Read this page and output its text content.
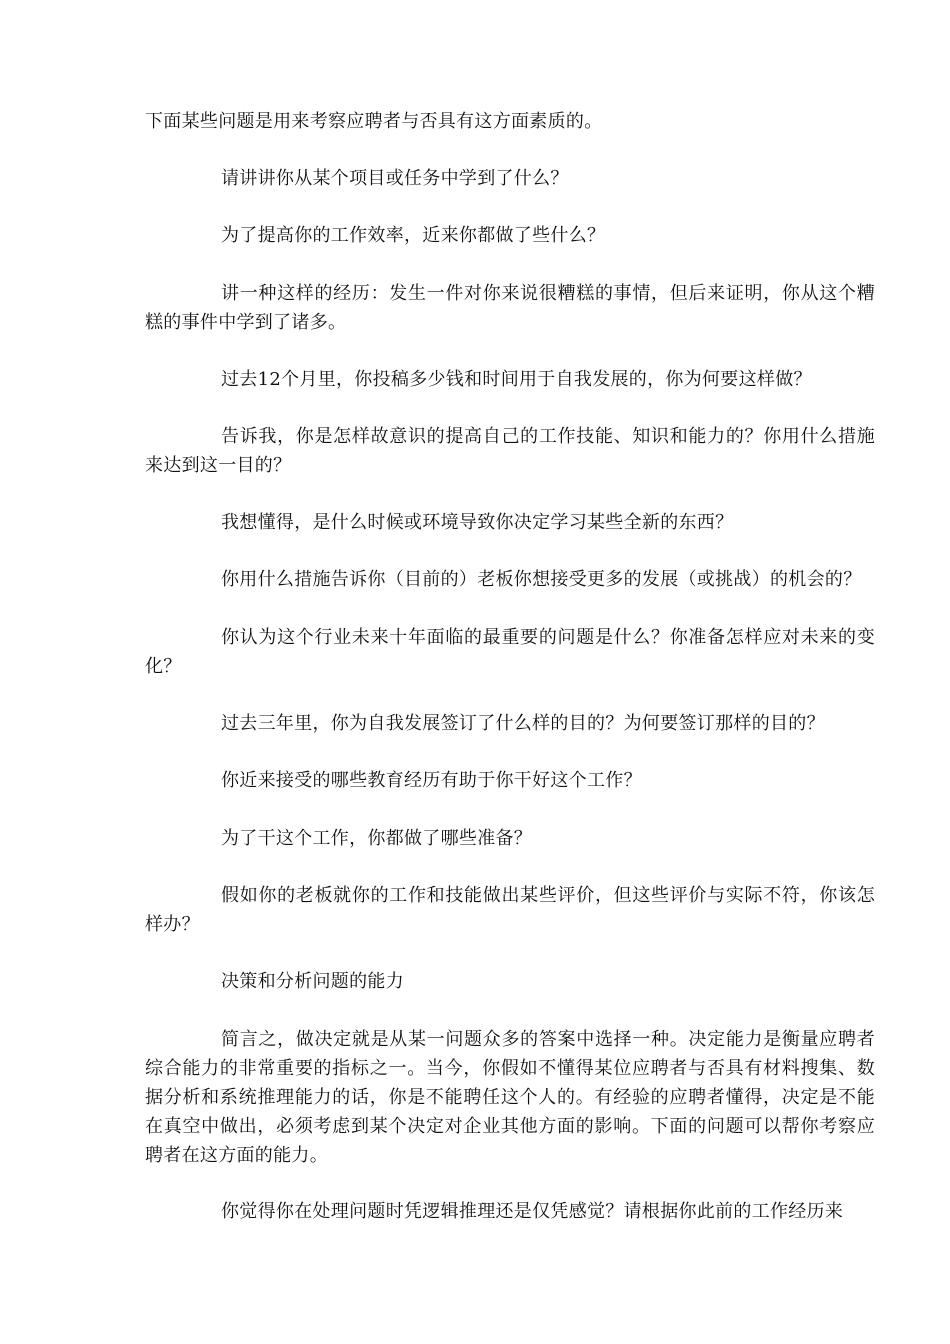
下面某些问题是用来考察应聘者与否具有这方面素质的。

请讲讲你从某个项目或任务中学到了什么？

为了提高你的工作效率，近来你都做了些什么？

讲一种这样的经历：发生一件对你来说很糟糕的事情，但后来证明，你从这个糟糕的事件中学到了诸多。

过去12个月里，你投稿多少钱和时间用于自我发展的，你为何要这样做？

告诉我，你是怎样故意识的提高自己的工作技能、知识和能力的？你用什么措施来达到这一目的？

我想懂得，是什么时候或环境导致你决定学习某些全新的东西？

你用什么措施告诉你（目前的）老板你想接受更多的发展（或挑战）的机会的？

你认为这个行业未来十年面临的最重要的问题是什么？你准备怎样应对未来的变化？

过去三年里，你为自我发展签订了什么样的目的？为何要签订那样的目的？

你近来接受的哪些教育经历有助于你干好这个工作？

为了干这个工作，你都做了哪些准备？

假如你的老板就你的工作和技能做出某些评价，但这些评价与实际不符，你该怎样办？

决策和分析问题的能力

简言之，做决定就是从某一问题众多的答案中选择一种。决定能力是衡量应聘者综合能力的非常重要的指标之一。当今，你假如不懂得某位应聘者与否具有材料搜集、数据分析和系统推理能力的话，你是不能聘任这个人的。有经验的应聘者懂得，决定是不能在真空中做出，必须考虑到某个决定对企业其他方面的影响。下面的问题可以帮你考察应聘者在这方面的能力。

你觉得你在处理问题时凭逻辑推理还是仅凭感觉？请根据你此前的工作经历来
